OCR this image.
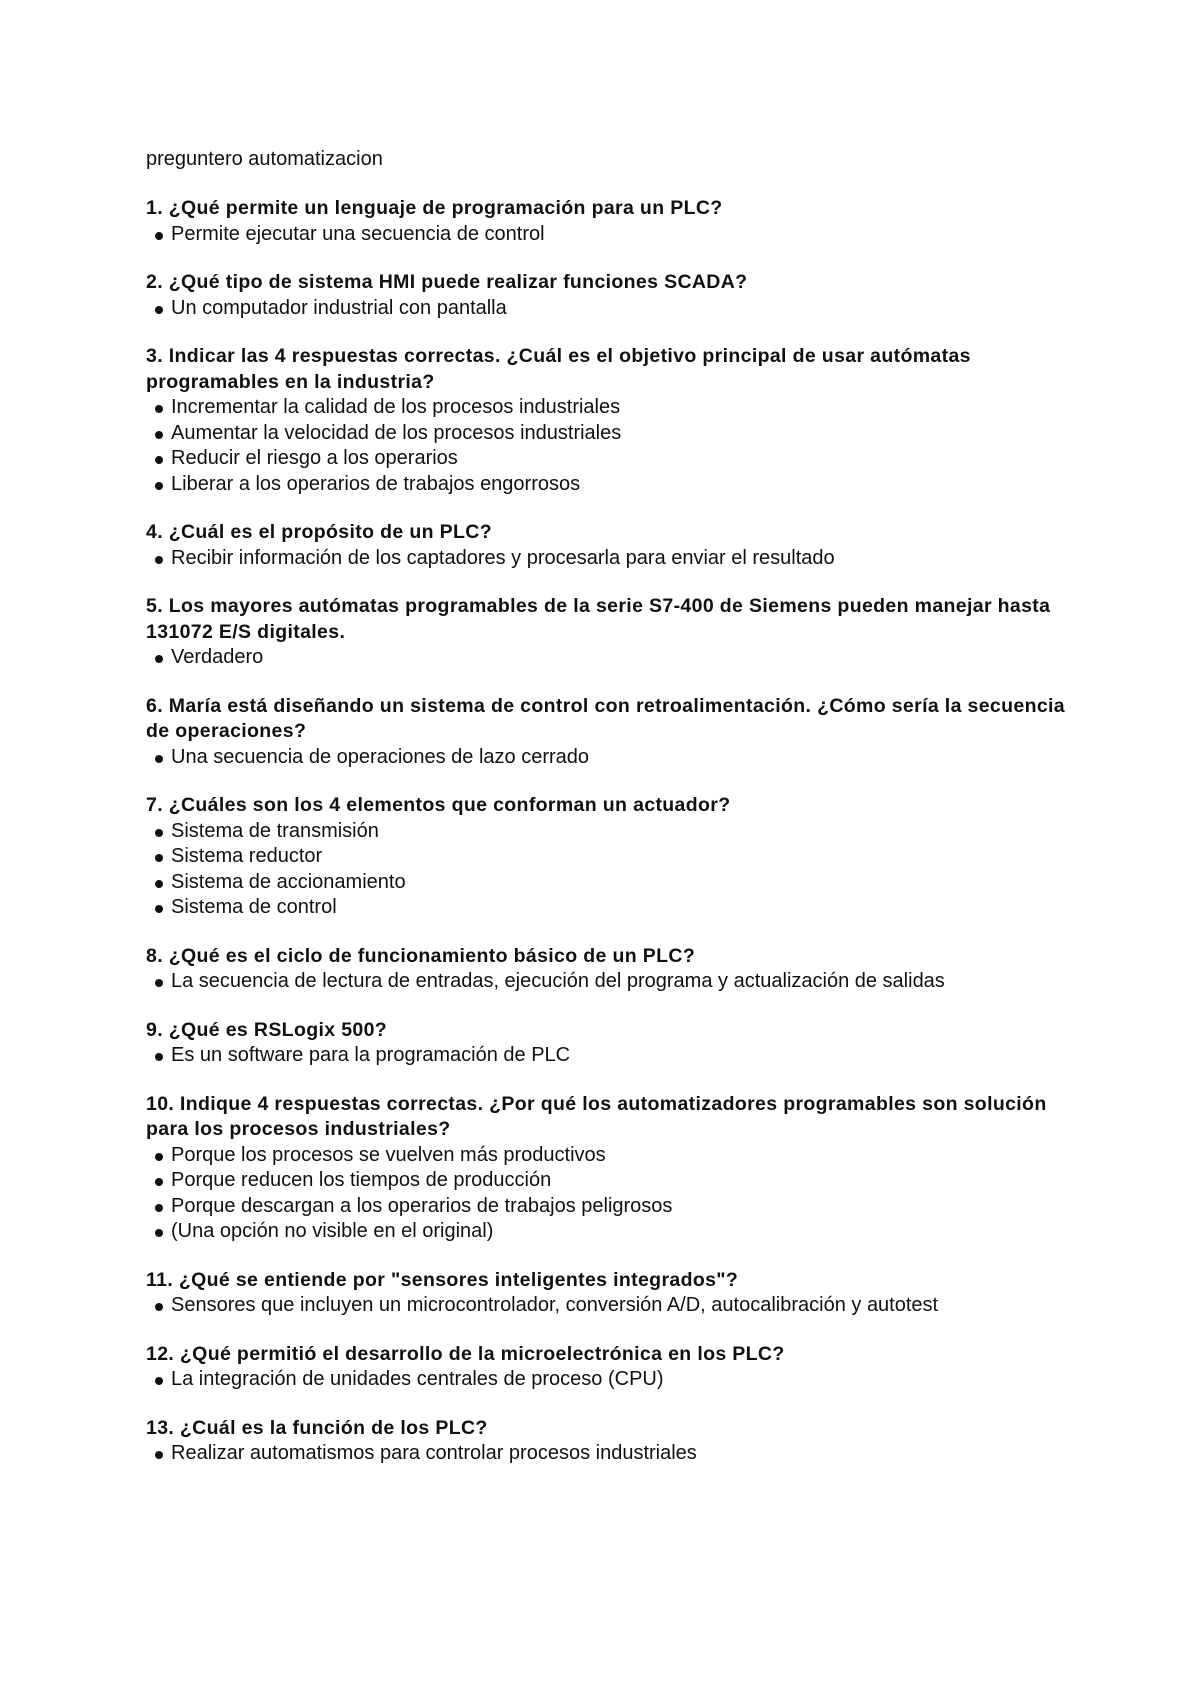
preguntero automatizacion

1. ¿Qué permite un lenguaje de programación para un PLC?

Permite ejecutar una secuencia de control

2. ¿Qué tipo de sistema HMI puede realizar funciones SCADA?

Un computador industrial con pantalla

3. Indicar las 4 respuestas correctas. ¿Cuál es el objetivo principal de usar autómatas programables en la industria?

Incrementar la calidad de los procesos industriales
Aumentar la velocidad de los procesos industriales
Reducir el riesgo a los operarios
Liberar a los operarios de trabajos engorrosos

4. ¿Cuál es el propósito de un PLC?

Recibir información de los captadores y procesarla para enviar el resultado

5. Los mayores autómatas programables de la serie S7-400 de Siemens pueden manejar hasta 131072 E/S digitales.

Verdadero

6. María está diseñando un sistema de control con retroalimentación. ¿Cómo sería la secuencia de operaciones?

Una secuencia de operaciones de lazo cerrado

7. ¿Cuáles son los 4 elementos que conforman un actuador?

Sistema de transmisión
Sistema reductor
Sistema de accionamiento
Sistema de control

8. ¿Qué es el ciclo de funcionamiento básico de un PLC?

La secuencia de lectura de entradas, ejecución del programa y actualización de salidas

9. ¿Qué es RSLogix 500?

Es un software para la programación de PLC

10. Indique 4 respuestas correctas. ¿Por qué los automatizadores programables son solución para los procesos industriales?

Porque los procesos se vuelven más productivos
Porque reducen los tiempos de producción
Porque descargan a los operarios de trabajos peligrosos
(Una opción no visible en el original)

11. ¿Qué se entiende por "sensores inteligentes integrados"?

Sensores que incluyen un microcontrolador, conversión A/D, autocalibración y autotest

12. ¿Qué permitió el desarrollo de la microelectrónica en los PLC?

La integración de unidades centrales de proceso (CPU)

13. ¿Cuál es la función de los PLC?

Realizar automatismos para controlar procesos industriales
